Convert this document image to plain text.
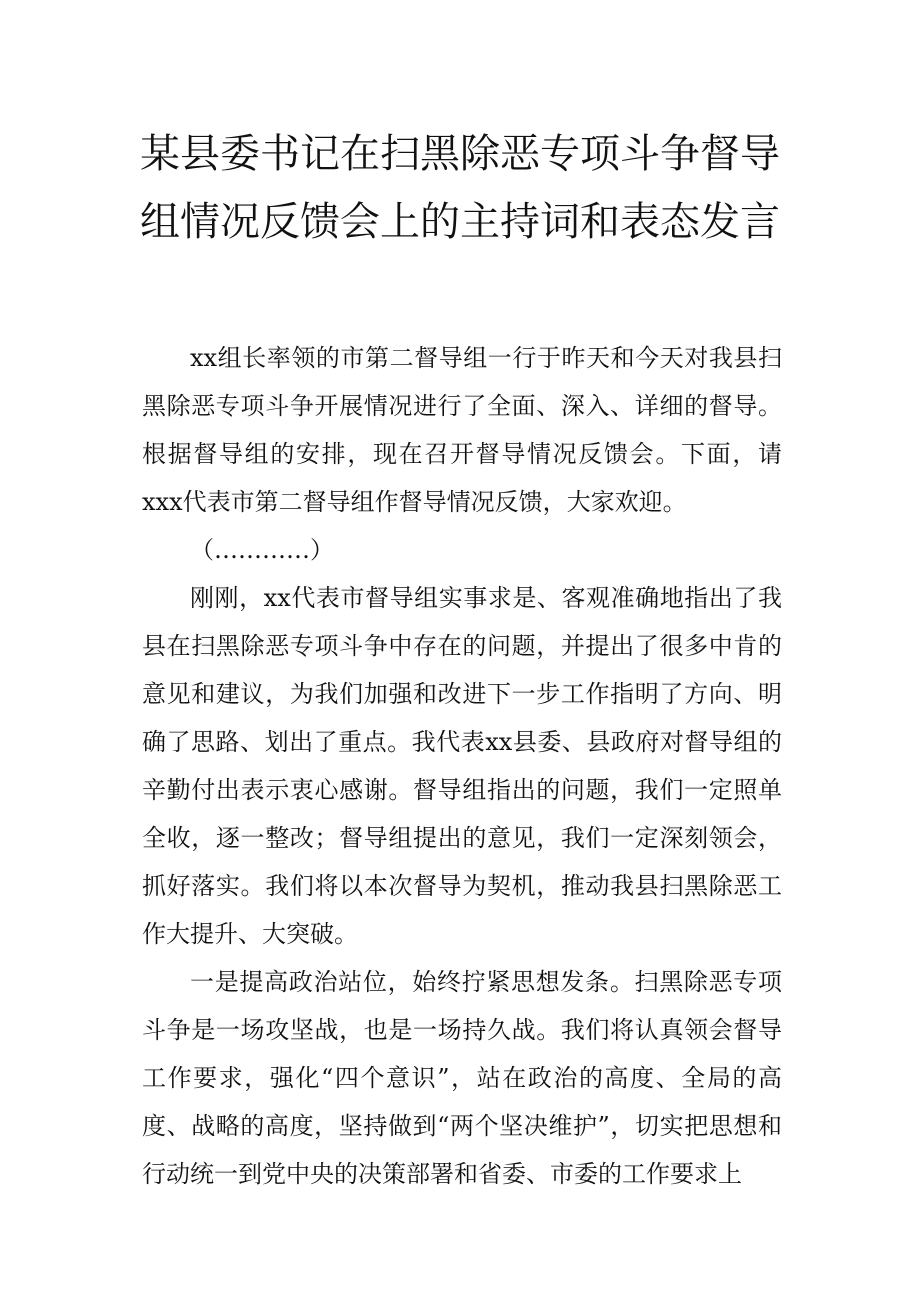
某县委书记在扫黑除恶专项斗争督导组情况反馈会上的主持词和表态发言

xx组长率领的市第二督导组一行于昨天和今天对我县扫黑除恶专项斗争开展情况进行了全面、深入、详细的督导。根据督导组的安排，现在召开督导情况反馈会。下面，请xxx代表市第二督导组作督导情况反馈，大家欢迎。

（…………）

刚刚，xx代表市督导组实事求是、客观准确地指出了我县在扫黑除恶专项斗争中存在的问题，并提出了很多中肯的意见和建议，为我们加强和改进下一步工作指明了方向、明确了思路、划出了重点。我代表xx县委、县政府对督导组的辛勤付出表示衷心感谢。督导组指出的问题，我们一定照单全收，逐一整改；督导组提出的意见，我们一定深刻领会，抓好落实。我们将以本次督导为契机，推动我县扫黑除恶工作大提升、大突破。

一是提高政治站位，始终拧紧思想发条。扫黑除恶专项斗争是一场攻坚战，也是一场持久战。我们将认真领会督导工作要求，强化“四个意识”，站在政治的高度、全局的高度、战略的高度，坚持做到“两个坚决维护”，切实把思想和行动统一到党中央的决策部署和省委、市委的工作要求上
